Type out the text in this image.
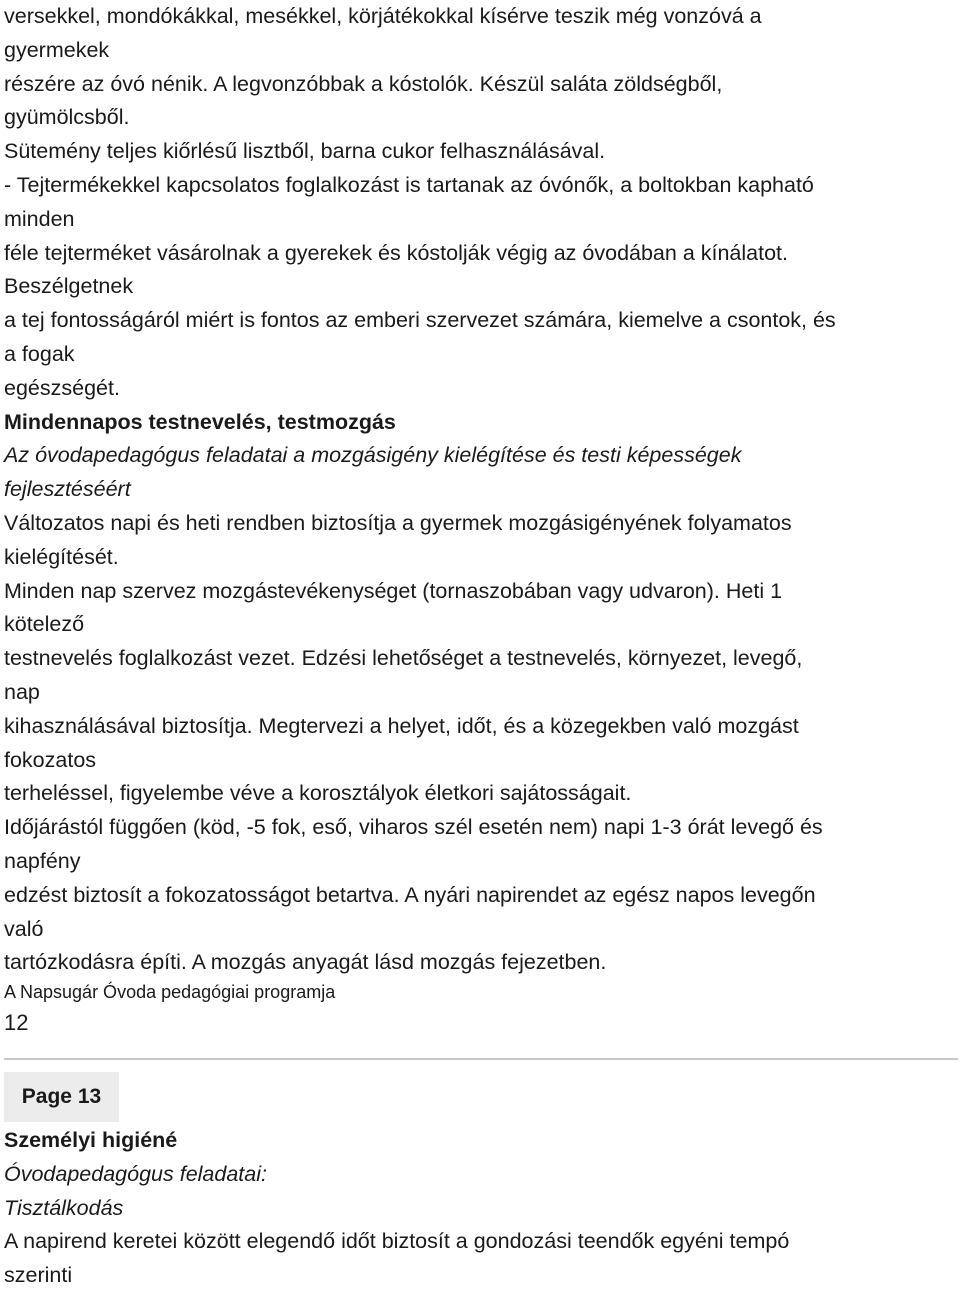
versekkel, mondókákkal, mesékkel, körjátékokkal kísérve teszik még vonzóvá a
gyermekek
részére az óvó nénik. A legvonzóbbak a kóstolók. Készül saláta zöldségből,
gyümölcsből.
Sütemény teljes kiőrlésű lisztből, barna cukor felhasználásával.
- Tejtermékekkel kapcsolatos foglalkozást is tartanak az óvónők, a boltokban kapható
minden
féle tejterméket vásárolnak a gyerekek és kóstolják végig az óvodában a kínálatot.
Beszélgetnek
a tej fontosságáról miért is fontos az emberi szervezet számára, kiemelve a csontok, és
a fogak
egészségét.
Mindennapos testnevelés, testmozgás
Az óvodapedagógus feladatai a mozgásigény kielégítése és testi képességek
fejlesztéséért
Változatos napi és heti rendben biztosítja a gyermek mozgásigényének folyamatos
kielégítését.
Minden nap szervez mozgástevékenységet (tornaszobában vagy udvaron). Heti 1
kötelező
testnevelés foglalkozást vezet. Edzési lehetőséget a testnevelés, környezet, levegő,
nap
kihasználásával biztosítja. Megtervezi a helyet, időt, és a közegekben való mozgást
fokozatos
terheléssel, figyelembe véve a korosztályok életkori sajátosságait.
Időjárástól függően (köd, -5 fok, eső, viharos szél esetén nem) napi 1-3 órát levegő és
napfény
edzést biztosít a fokozatosságot betartva. A nyári napirendet az egész napos levegőn
való
tartózkodásra építi. A mozgás anyagát lásd mozgás fejezetben.
A Napsugár Óvoda pedagógiai programja
12
Page 13
Személyi higiéné
Óvodapedagógus feladatai:
Tisztálkodás
A napirend keretei között elegendő időt biztosít a gondozási teendők egyéni tempó
szerinti
